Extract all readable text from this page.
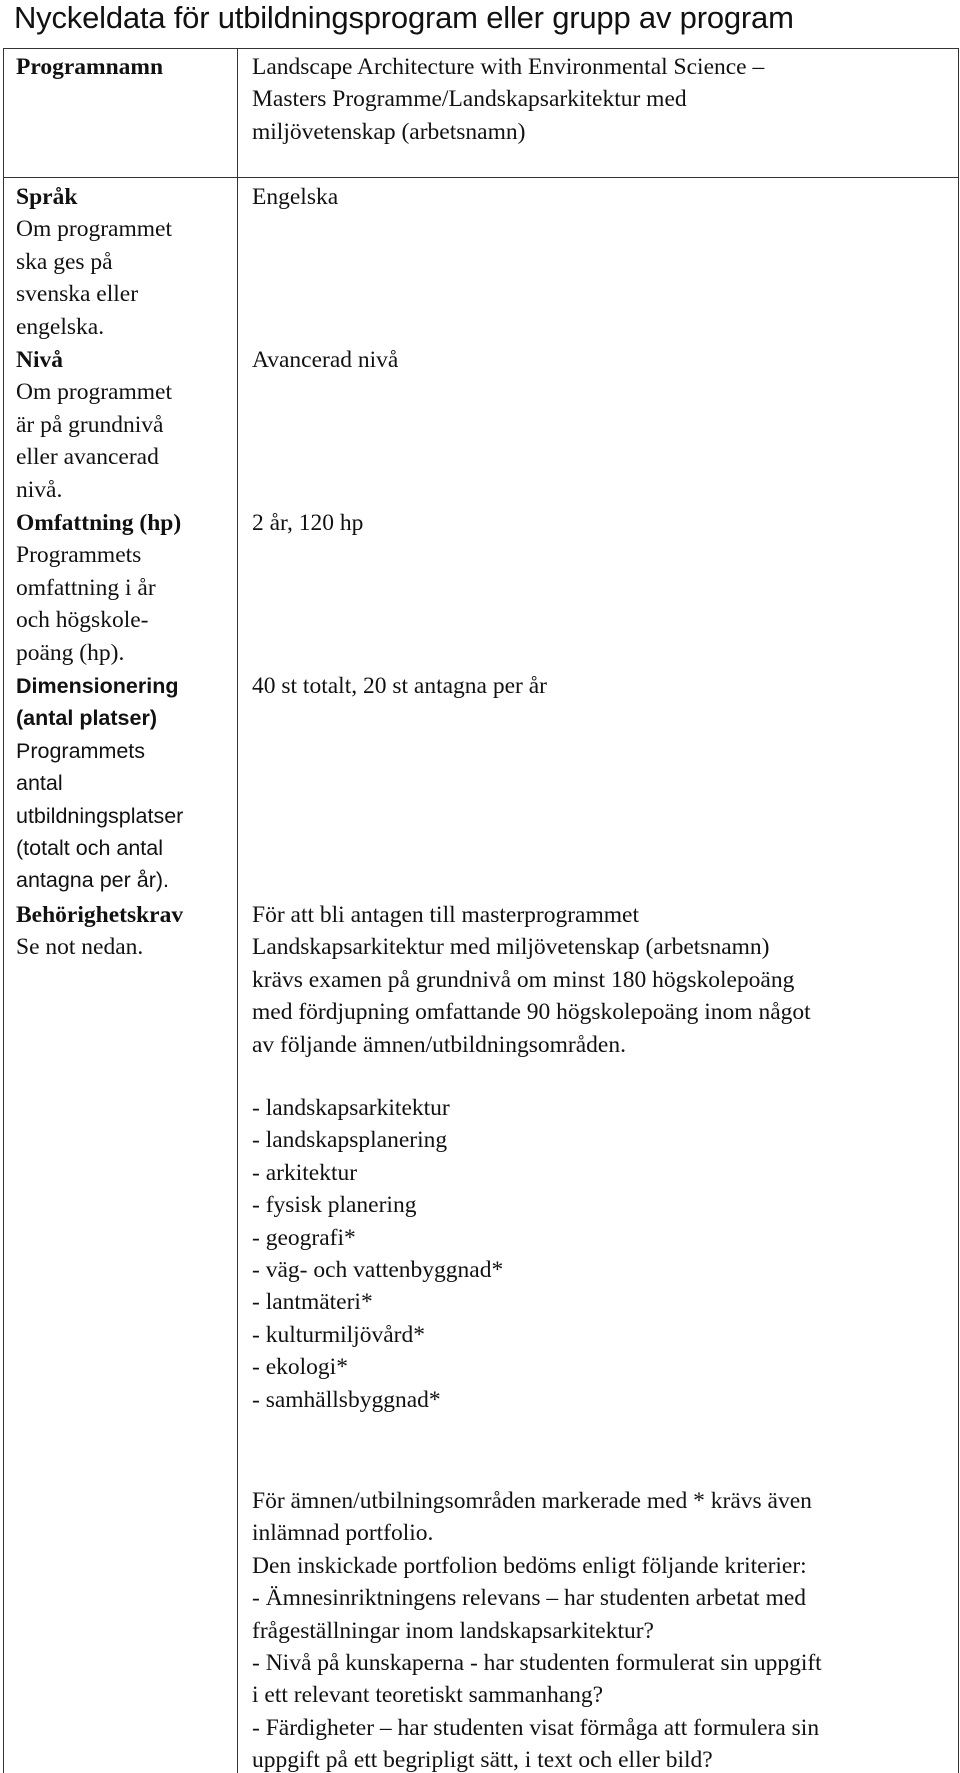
Nyckeldata för utbildningsprogram eller grupp av program
Programnamn	Landscape Architecture with Environmental Science –
Masters Programme/Landskapsarkitektur med
miljövetenskap (arbetsnamn)
Språk
Om programmet
ska ges på
svenska eller
engelska.
Engelska
Nivå
Om programmet
är på grundnivå
eller avancerad
nivå.
Avancerad nivå
Omfattning (hp)
Programmets
omfattning i år
och högskole-
poäng (hp).
2 år, 120 hp
Dimensionering
(antal platser)
Programmets
antal
utbildningsplatser
(totalt och antal
antagna per år).
40 st totalt, 20 st antagna per år
Behörighetskrav
Se not nedan.
För att bli antagen till masterprogrammet
Landskapsarkitektur med miljövetenskap (arbetsnamn)
krävs examen på grundnivå om minst 180 högskolepoäng
med fördjupning omfattande 90 högskolepoäng inom något
av följande ämnen/utbildningsområden.
- landskapsarkitektur
- landskapsplanering
- arkitektur
- fysisk planering
- geografi*
- väg- och vattenbyggnad*
- lantmäteri*
- kulturmiljövård*
- ekologi*
- samhällsbyggnad*
För ämnen/utbilningsområden markerade med * krävs även
inlämnad portfolio.
Den inskickade portfolion bedöms enligt följande kriterier:
- Ämnesinriktningens relevans – har studenten arbetat med
frågeställningar inom landskapsarkitektur?
- Nivå på kunskaperna - har studenten formulerat sin uppgift
i ett relevant teoretiskt sammanhang?
- Färdigheter – har studenten visat förmåga att formulera sin
uppgift på ett begripligt sätt, i text och eller bild?
